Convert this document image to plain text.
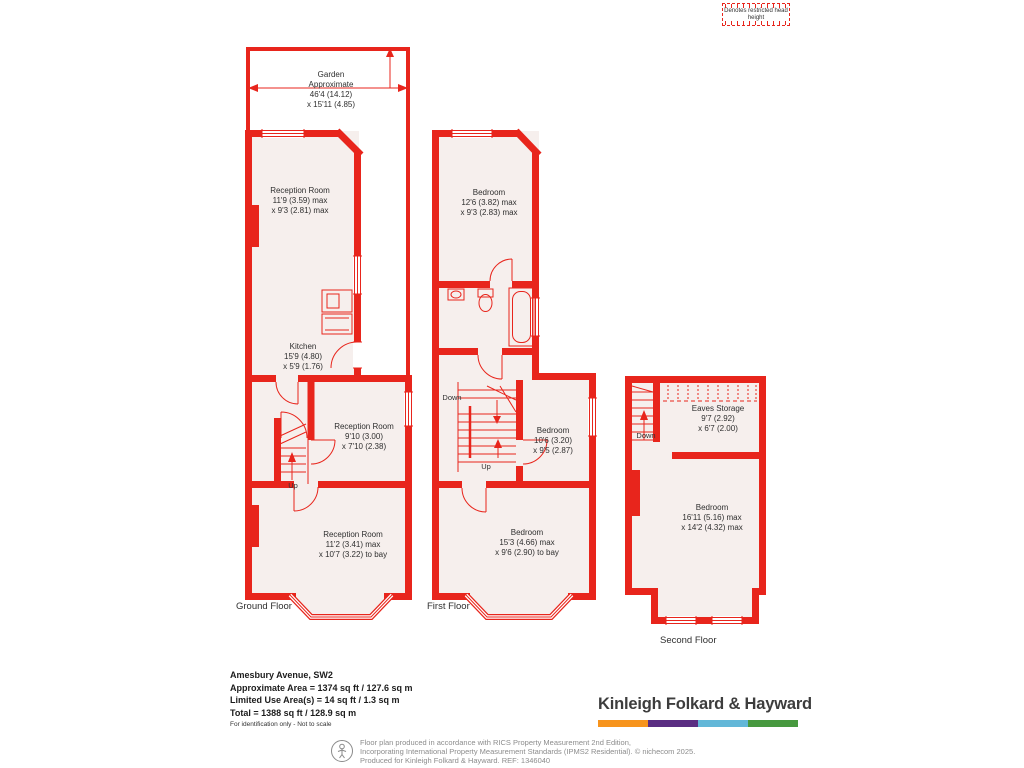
Denotes restricted head height
Garden
Approximate
46'4 (14.12)
x 15'11 (4.85)
Reception Room
11'9 (3.59) max
x 9'3 (2.81) max
Kitchen
15'9 (4.80)
x 5'9 (1.76)
Reception Room
9'10 (3.00)
x 7'10 (2.38)
Reception Room
11'2 (3.41) max
x 10'7 (3.22) to bay
Bedroom
12'6 (3.82) max
x 9'3 (2.83) max
Bedroom
10'6 (3.20)
x 9'5 (2.87)
Bedroom
15'3 (4.66) max
x 9'6 (2.90) to bay
Eaves Storage
9'7 (2.92)
x 6'7 (2.00)
Bedroom
16'11 (5.16) max
x 14'2 (4.32) max
Up
Down
Up
Down
Ground Floor	First Floor
Second Floor
Amesbury Avenue, SW2
Approximate Area = 1374 sq ft / 127.6 sq m
Limited Use Area(s) = 14 sq ft / 1.3 sq m
Total = 1388 sq ft / 128.9 sq m
For identification only - Not to scale
Kinleigh Folkard & Hayward
Floor plan produced in accordance with RICS Property Measurement 2nd Edition,
Incorporating International Property Measurement Standards (IPMS2 Residential). © nichecom 2025.
Produced for Kinleigh Folkard & Hayward. REF: 1346040
